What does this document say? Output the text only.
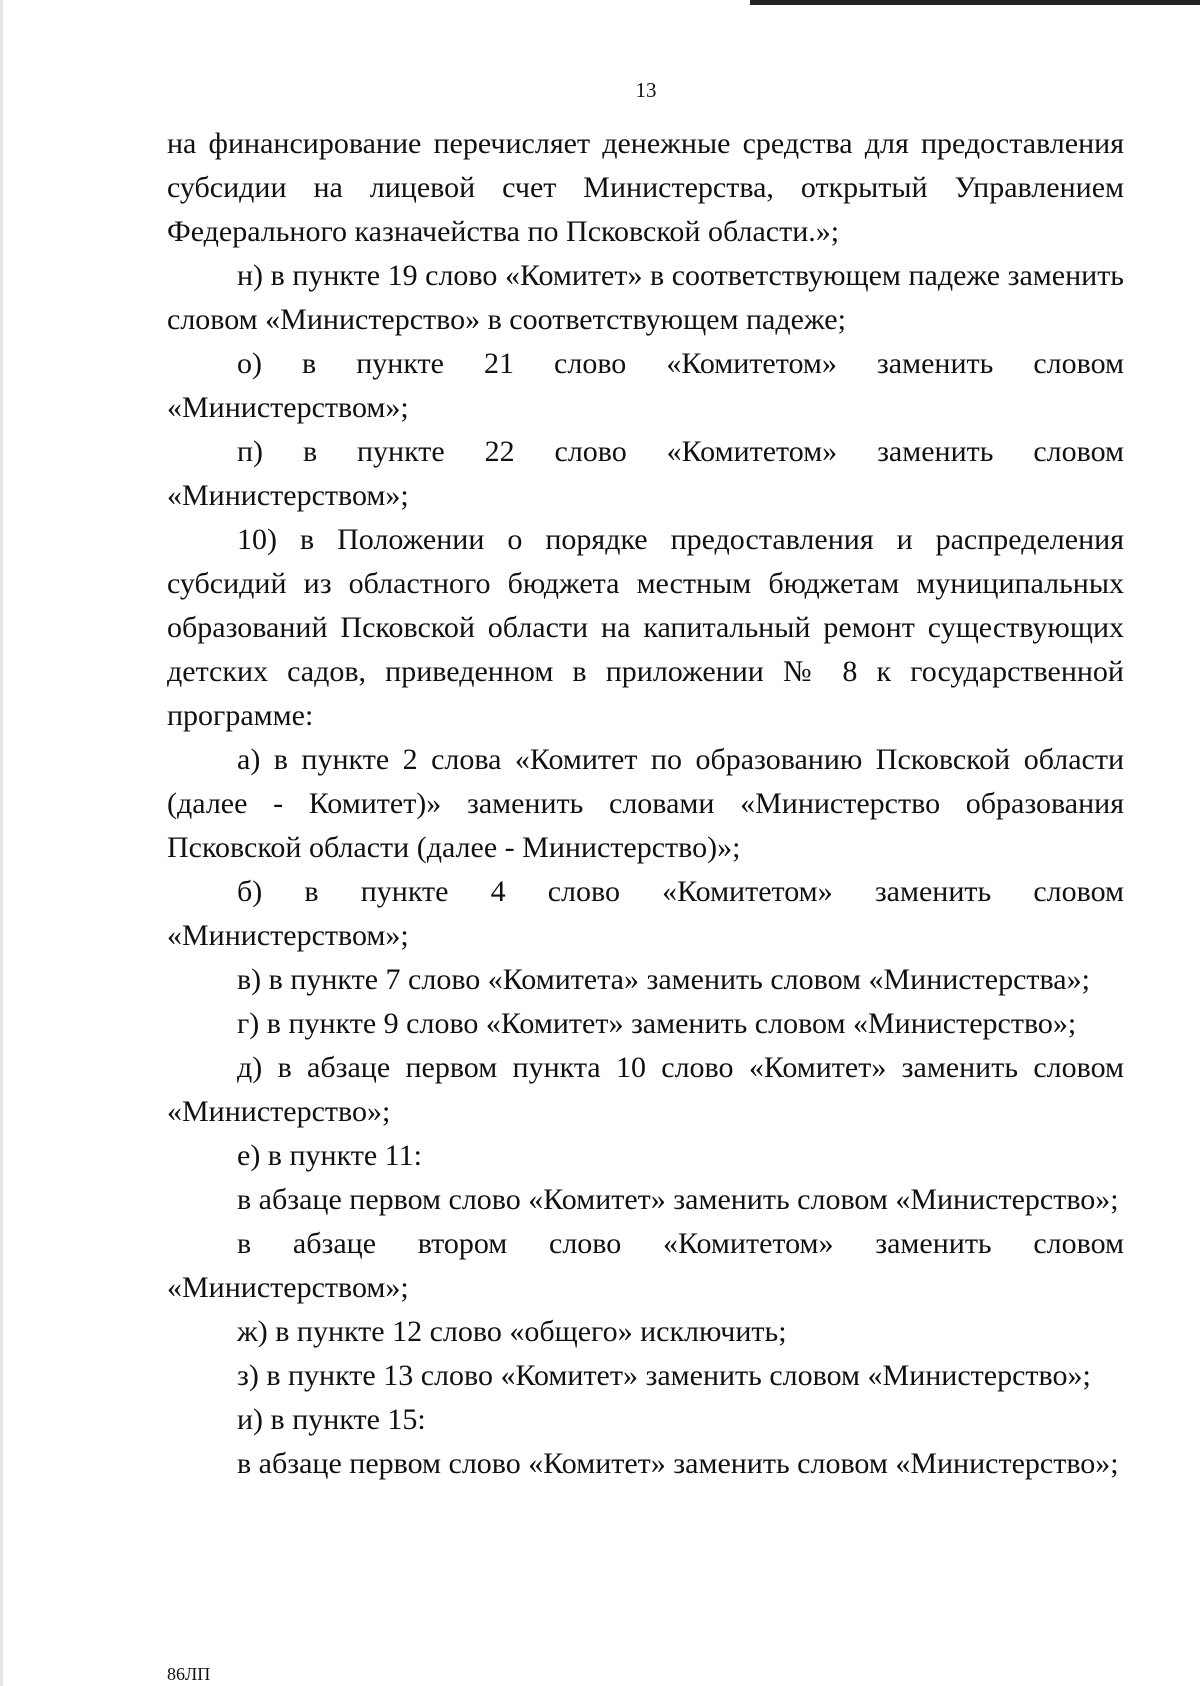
13

на финансирование перечисляет денежные средства для предоставления субсидии на лицевой счет Министерства, открытый Управлением Федерального казначейства по Псковской области.»;

н) в пункте 19 слово «Комитет» в соответствующем падеже заменить словом «Министерство» в соответствующем падеже;

о) в пункте 21 слово «Комитетом» заменить словом «Министерством»;

п) в пункте 22 слово «Комитетом» заменить словом «Министерством»;

10) в Положении о порядке предоставления и распределения субсидий из областного бюджета местным бюджетам муниципальных образований Псковской области на капитальный ремонт существующих детских садов, приведенном в приложении № 8 к государственной программе:

а) в пункте 2 слова «Комитет по образованию Псковской области (далее - Комитет)» заменить словами «Министерство образования Псковской области (далее - Министерство)»;

б) в пункте 4 слово «Комитетом» заменить словом «Министерством»;

в) в пункте 7 слово «Комитета» заменить словом «Министерства»;

г) в пункте 9 слово «Комитет» заменить словом «Министерство»;

д) в абзаце первом пункта 10 слово «Комитет» заменить словом «Министерство»;

е) в пункте 11:

в абзаце первом слово «Комитет» заменить словом «Министерство»;

в абзаце втором слово «Комитетом» заменить словом «Министерством»;

ж) в пункте 12 слово «общего» исключить;

з) в пункте 13 слово «Комитет» заменить словом «Министерство»;

и) в пункте 15:

в абзаце первом слово «Комитет» заменить словом «Министерство»;

86ЛП
